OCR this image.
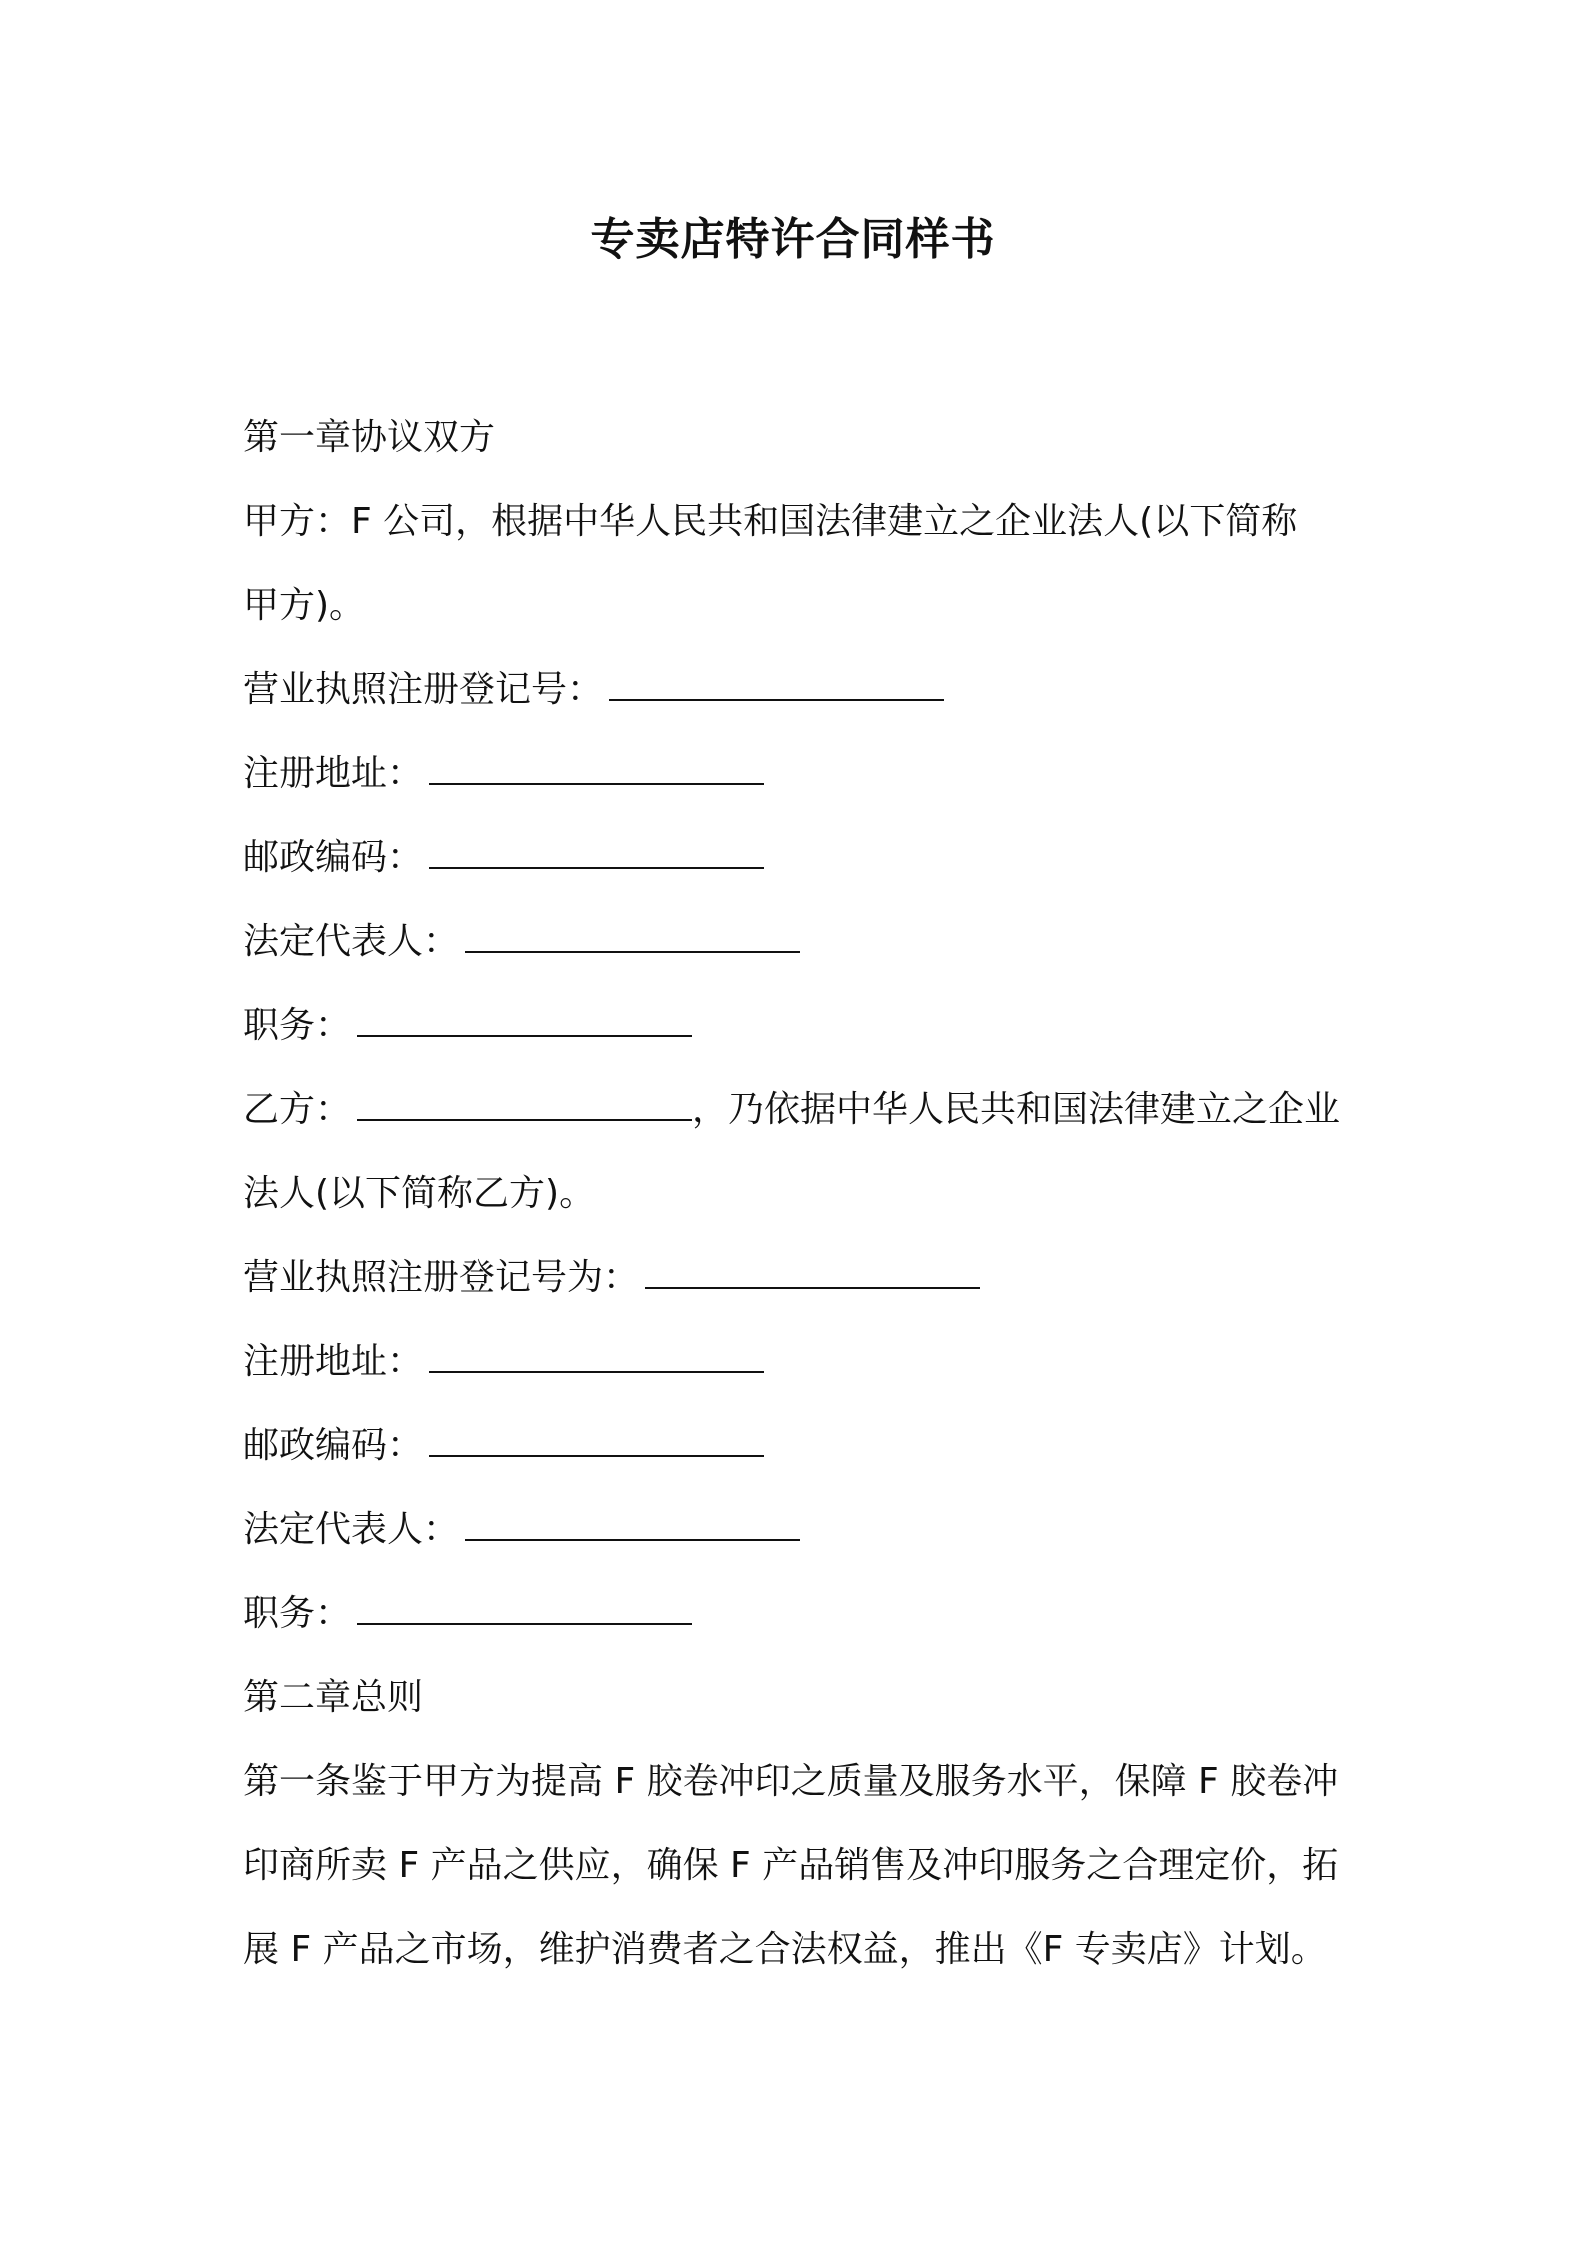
专卖店特许合同样书
第一章协议双方
甲方：F 公司，根据中华人民共和国法律建立之企业法人(以下简称
甲方)。
营业执照注册登记号：
注册地址：
邮政编码：
法定代表人：
职务：
乙方：	，乃依据中华人民共和国法律建立之企业
法人(以下简称乙方)。
营业执照注册登记号为：
注册地址：
邮政编码：
法定代表人：
职务：
第二章总则
第一条鉴于甲方为提高 F 胶卷冲印之质量及服务水平，保障 F 胶卷冲
印商所卖 F 产品之供应，确保 F 产品销售及冲印服务之合理定价，拓
展 F 产品之市场，维护消费者之合法权益，推出《F 专卖店》计划。
